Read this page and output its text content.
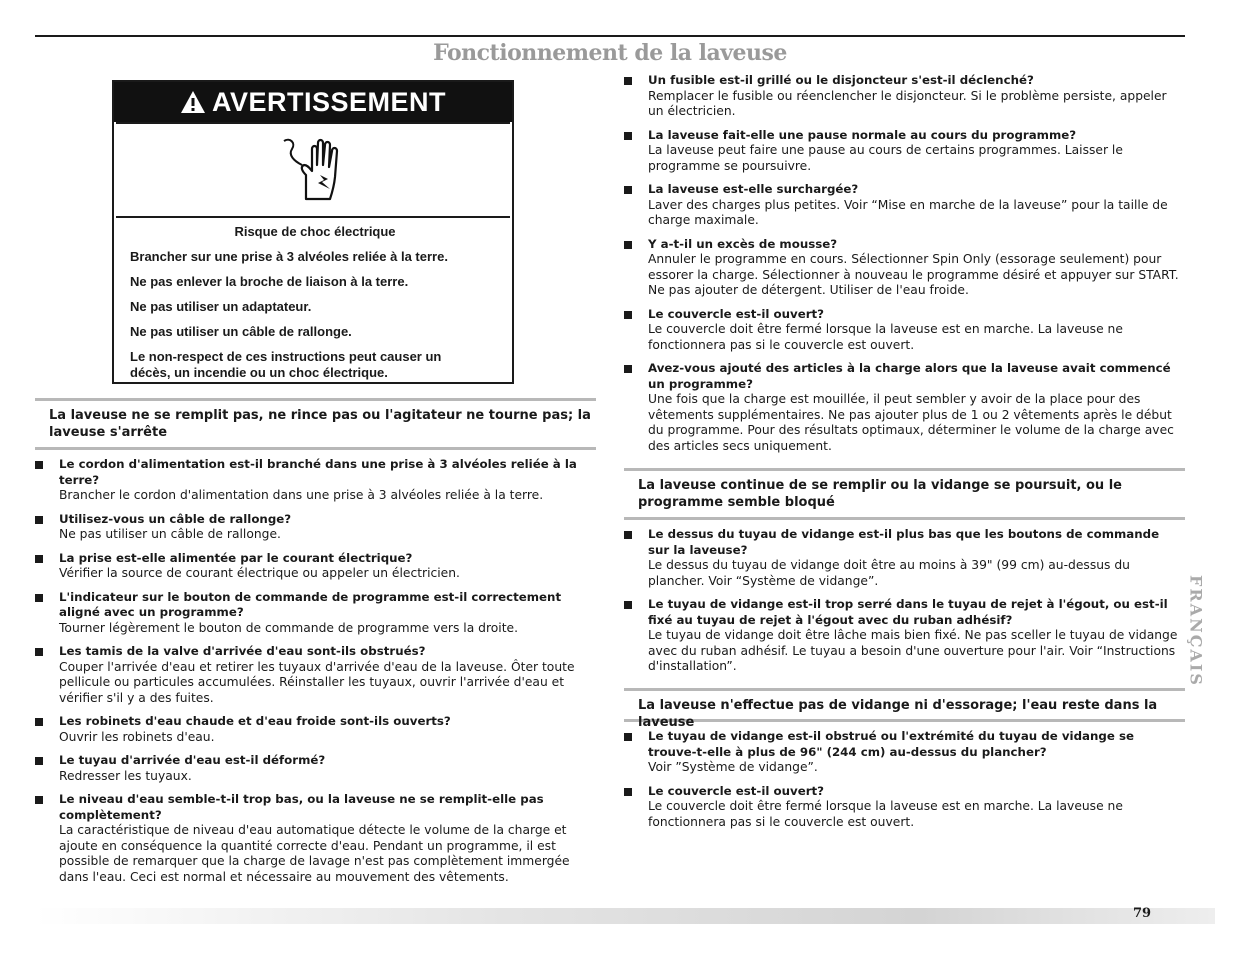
Fonctionnement de la laveuse
AVERTISSEMENT

Risque de choc électrique

Brancher sur une prise à 3 alvéoles reliée à la terre.

Ne pas enlever la broche de liaison à la terre.

Ne pas utiliser un adaptateur.

Ne pas utiliser un câble de rallonge.

Le non-respect de ces instructions peut causer un décès, un incendie ou un choc électrique.

La laveuse ne se remplit pas, ne rince pas ou l'agitateur ne tourne pas; la laveuse s'arrête
Le cordon d'alimentation est-il branché dans une prise à 3 alvéoles reliée à la terre?
Brancher le cordon d'alimentation dans une prise à 3 alvéoles reliée à la terre.
Utilisez-vous un câble de rallonge?
Ne pas utiliser un câble de rallonge.
La prise est-elle alimentée par le courant électrique?
Vérifier la source de courant électrique ou appeler un électricien.
L'indicateur sur le bouton de commande de programme est-il correctement aligné avec un programme?
Tourner légèrement le bouton de commande de programme vers la droite.
Les tamis de la valve d'arrivée d'eau sont-ils obstrués?
Couper l'arrivée d'eau et retirer les tuyaux d'arrivée d'eau de la laveuse. Ôter toute pellicule ou particules accumulées. Réinstaller les tuyaux, ouvrir l'arrivée d'eau et vérifier s'il y a des fuites.
Les robinets d'eau chaude et d'eau froide sont-ils ouverts?
Ouvrir les robinets d'eau.
Le tuyau d'arrivée d'eau est-il déformé?
Redresser les tuyaux.
Le niveau d'eau semble-t-il trop bas, ou la laveuse ne se remplit-elle pas complètement?
La caractéristique de niveau d'eau automatique détecte le volume de la charge et ajoute en conséquence la quantité correcte d'eau. Pendant un programme, il est possible de remarquer que la charge de lavage n'est pas complètement immergée dans l'eau. Ceci est normal et nécessaire au mouvement des vêtements.
Un fusible est-il grillé ou le disjoncteur s'est-il déclenché?
Remplacer le fusible ou réenclencher le disjoncteur. Si le problème persiste, appeler un électricien.
La laveuse fait-elle une pause normale au cours du programme?
La laveuse peut faire une pause au cours de certains programmes. Laisser le programme se poursuivre.
La laveuse est-elle surchargée?
Laver des charges plus petites. Voir “Mise en marche de la laveuse” pour la taille de charge maximale.
Y a-t-il un excès de mousse?
Annuler le programme en cours. Sélectionner Spin Only (essorage seulement) pour essorer la charge. Sélectionner à nouveau le programme désiré et appuyer sur START. Ne pas ajouter de détergent. Utiliser de l'eau froide.
Le couvercle est-il ouvert?
Le couvercle doit être fermé lorsque la laveuse est en marche. La laveuse ne fonctionnera pas si le couvercle est ouvert.
Avez-vous ajouté des articles à la charge alors que la laveuse avait commencé un programme?
Une fois que la charge est mouillée, il peut sembler y avoir de la place pour des vêtements supplémentaires. Ne pas ajouter plus de 1 ou 2 vêtements après le début du programme. Pour des résultats optimaux, déterminer le volume de la charge avec des articles secs uniquement.
La laveuse continue de se remplir ou la vidange se poursuit, ou le programme semble bloqué
Le dessus du tuyau de vidange est-il plus bas que les boutons de commande sur la laveuse?
Le dessus du tuyau de vidange doit être au moins à 39" (99 cm) au-dessus du plancher. Voir “Système de vidange”.
Le tuyau de vidange est-il trop serré dans le tuyau de rejet à l'égout, ou est-il fixé au tuyau de rejet à l'égout avec du ruban adhésif?
Le tuyau de vidange doit être lâche mais bien fixé. Ne pas sceller le tuyau de vidange avec du ruban adhésif. Le tuyau a besoin d'une ouverture pour l'air. Voir “Instructions d'installation”.
La laveuse n'effectue pas de vidange ni d'essorage; l'eau reste dans la laveuse
Le tuyau de vidange est-il obstrué ou l'extrémité du tuyau de vidange se trouve-t-elle à plus de 96" (244 cm) au-dessus du plancher?
Voir ”Système de vidange”.
Le couvercle est-il ouvert?
Le couvercle doit être fermé lorsque la laveuse est en marche. La laveuse ne fonctionnera pas si le couvercle est ouvert.
FRANÇAIS
79
